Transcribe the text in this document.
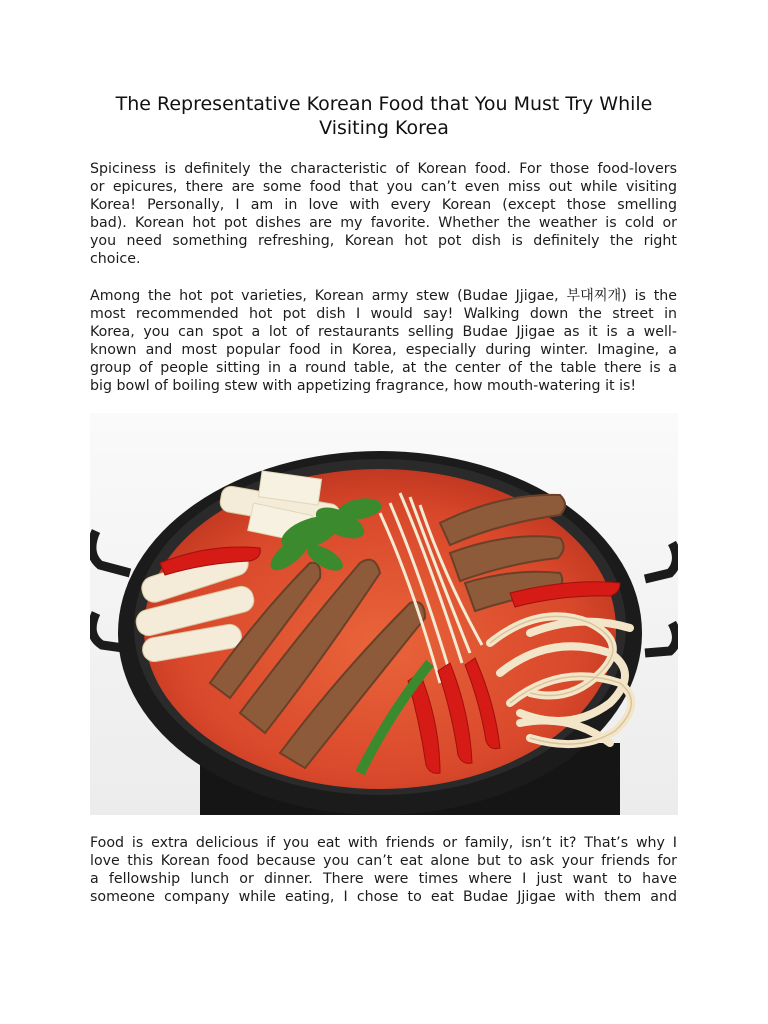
The Representative Korean Food that You Must Try While
Visiting Korea

Spiciness is definitely the characteristic of Korean food. For those food-lovers
or epicures, there are some food that you can’t even miss out while visiting
Korea! Personally, I am in love with every Korean (except those smelling
bad). Korean hot pot dishes are my favorite. Whether the weather is cold or
you need something refreshing, Korean hot pot dish is definitely the right
choice.

Among the hot pot varieties, Korean army stew (Budae Jjigae, 부대찌개) is the
most recommended hot pot dish I would say! Walking down the street in
Korea, you can spot a lot of restaurants selling Budae Jjigae as it is a well-
known and most popular food in Korea, especially during winter. Imagine, a
group of people sitting in a round table, at the center of the table there is a
big bowl of boiling stew with appetizing fragrance, how mouth-watering it is!

Food is extra delicious if you eat with friends or family, isn’t it? That’s why I
love this Korean food because you can’t eat alone but to ask your friends for
a fellowship lunch or dinner. There were times where I just want to have
someone company while eating, I chose to eat Budae Jjigae with them and
